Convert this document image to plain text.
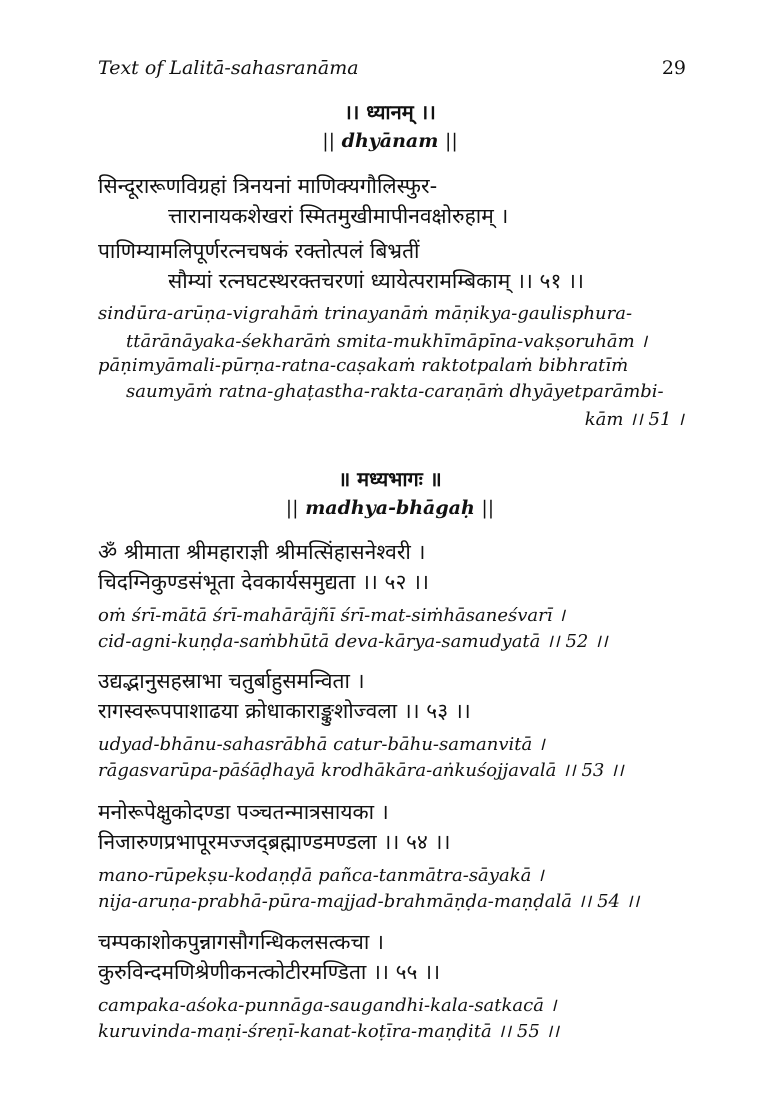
Text of Lalitā-sahasranāma	29
।। ध्यानम् ।।
|| dhyānam ||
सिन्दूरारूणविग्रहां त्रिनयनां माणिक्यगौलिस्फुर-
त्तारानायकशेखरां स्मितमुखीमापीनवक्षोरुहाम् ।
पाणिम्यामलिपूर्णरत्नचषकं रक्तोत्पलं बिभ्रतीं
सौम्यां रत्नघटस्थरक्तचरणां ध्यायेत्परामम्बिकाम् ।। ५१ ।।
sindūra-arūṇa-vigrahāṁ trinayanāṁ māṇikya-gaulisphura-
ttārānāyaka-śekharāṁ smita-mukhīmāpīna-vakṣoruhām ।
pāṇimyāmali-pūrṇa-ratna-caṣakaṁ raktotpalaṁ bibhratīṁ
saumyāṁ ratna-ghaṭastha-rakta-caraṇāṁ dhyāyetparāmbi-
kām ।। 51 ।
॥ मध्यभागः ॥
|| madhya-bhāgaḥ ||
ॐ श्रीमाता श्रीमहाराज्ञी श्रीमत्सिंहासनेश्वरी ।
चिदग्निकुण्डसंभूता देवकार्यसमुद्यता ।। ५२ ।।
oṁ śrī-mātā śrī-mahārājñī śrī-mat-siṁhāsaneśvarī ।
cid-agni-kuṇḍa-saṁbhūtā deva-kārya-samudyatā ।। 52 ।।
उद्यद्भानुसहस्राभा चतुर्बाहुसमन्विता ।
रागस्वरूपपाशाढया क्रोधाकाराङ्कुशोज्वला ।। ५३ ।।
udyad-bhānu-sahasrābhā catur-bāhu-samanvitā ।
rāgasvarūpa-pāśāḍhayā krodhākāra-aṅkuśojjavalā ।। 53 ।।
मनोरूपेक्षुकोदण्डा पञ्चतन्मात्रसायका ।
निजारुणप्रभापूरमज्जद्ब्रह्माण्डमण्डला ।। ५४ ।।
mano-rūpekṣu-kodaṇḍā pañca-tanmātra-sāyakā ।
nija-aruṇa-prabhā-pūra-majjad-brahmāṇḍa-maṇḍalā ।। 54 ।।
चम्पकाशोकपुन्नागसौगन्धिकलसत्कचा ।
कुरुविन्दमणिश्रेणीकनत्कोटीरमण्डिता ।। ५५ ।।
campaka-aśoka-punnāga-saugandhi-kala-satkacā ।
kuruvinda-maṇi-śreṇī-kanat-koṭīra-maṇḍitā ।। 55 ।।
